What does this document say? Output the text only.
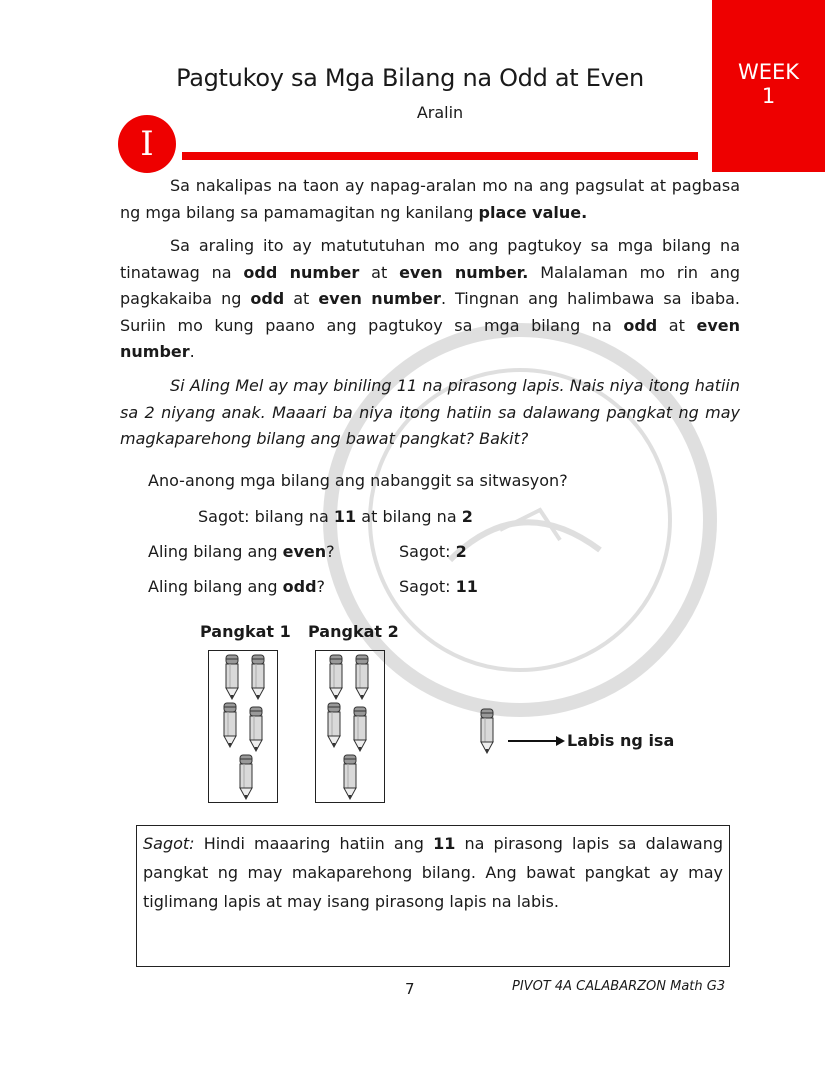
WEEK
1
Pagtukoy sa Mga Bilang na Odd at Even
Aralin
I

Sa nakalipas na taon ay napag-aralan mo na ang pagsulat at pagbasa ng mga bilang sa pamamagitan ng kanilang place value.

Sa araling ito ay matututuhan mo ang pagtukoy sa mga bilang na tinatawag na odd number at even number. Malalaman mo rin ang pagkakaiba ng odd at even number. Tingnan ang halimbawa sa ibaba. Suriin mo kung paano ang pagtukoy sa mga bilang na odd at even number.

Si Aling Mel ay may biniling 11 na pirasong lapis. Nais niya itong hatiin sa 2 niyang anak. Maaari ba niya itong hatiin sa dalawang pangkat ng may magkaparehong bilang ang bawat pangkat? Bakit?

Ano-anong mga bilang ang nabanggit sa sitwasyon?
Sagot: bilang na 11 at bilang na 2
Aling bilang ang even?	Sagot: 2
Aling bilang ang odd?	Sagot: 11
Pangkat 1 Pangkat 2
Labis ng isa
Sagot: Hindi maaaring hatiin ang 11 na pirasong lapis sa dalawang pangkat ng may makaparehong bilang. Ang bawat pangkat ay may tiglimang lapis at may isang pirasong lapis na labis.
7	PIVOT 4A CALABARZON Math G3
